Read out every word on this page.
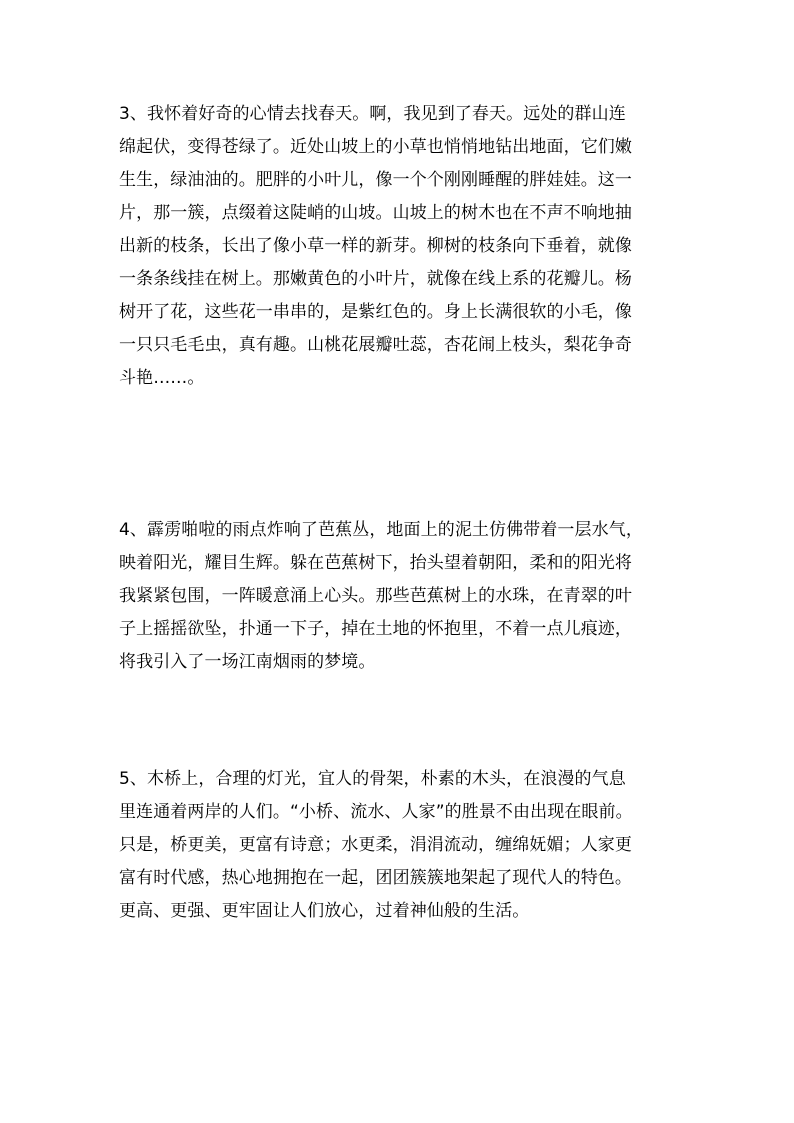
3、我怀着好奇的心情去找春天。啊，我见到了春天。远处的群山连
绵起伏，变得苍绿了。近处山坡上的小草也悄悄地钻出地面，它们嫩
生生，绿油油的。肥胖的小叶儿，像一个个刚刚睡醒的胖娃娃。这一
片，那一簇，点缀着这陡峭的山坡。山坡上的树木也在不声不响地抽
出新的枝条，长出了像小草一样的新芽。柳树的枝条向下垂着，就像
一条条线挂在树上。那嫩黄色的小叶片，就像在线上系的花瓣儿。杨
树开了花，这些花一串串的，是紫红色的。身上长满很软的小毛，像
一只只毛毛虫，真有趣。山桃花展瓣吐蕊，杏花闹上枝头，梨花争奇
斗艳……。
4、霹雳啪啦的雨点炸响了芭蕉丛，地面上的泥土仿佛带着一层水气，
映着阳光，耀目生辉。躲在芭蕉树下，抬头望着朝阳，柔和的阳光将
我紧紧包围，一阵暖意涌上心头。那些芭蕉树上的水珠，在青翠的叶
子上摇摇欲坠，扑通一下子，掉在土地的怀抱里，不着一点儿痕迹，
将我引入了一场江南烟雨的梦境。
5、木桥上，合理的灯光，宜人的骨架，朴素的木头，在浪漫的气息
里连通着两岸的人们。“小桥、流水、人家”的胜景不由出现在眼前。
只是，桥更美，更富有诗意；水更柔，涓涓流动，缠绵妩媚；人家更
富有时代感，热心地拥抱在一起，团团簇簇地架起了现代人的特色。
更高、更强、更牢固让人们放心，过着神仙般的生活。
